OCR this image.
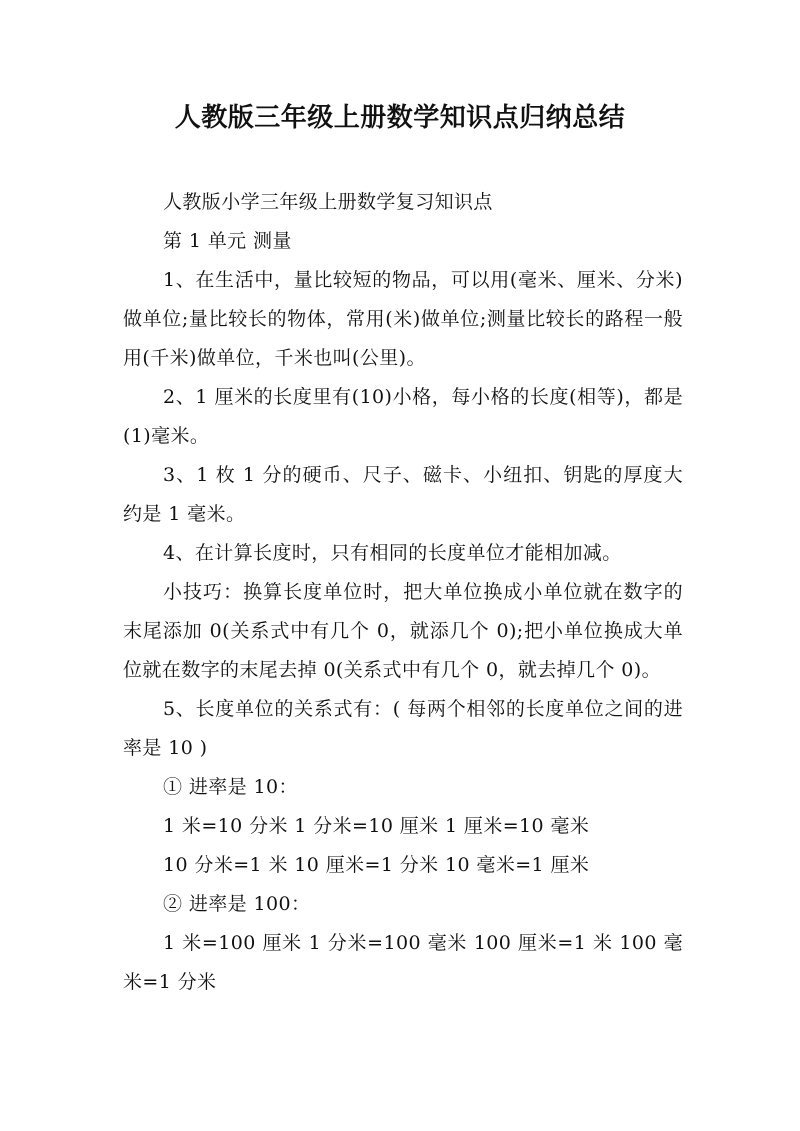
人教版三年级上册数学知识点归纳总结

人教版小学三年级上册数学复习知识点

第 1 单元 测量

1、在生活中，量比较短的物品，可以用(毫米、厘米、分米)做单位;量比较长的物体，常用(米)做单位;测量比较长的路程一般用(千米)做单位，千米也叫(公里)。

2、1 厘米的长度里有(10)小格，每小格的长度(相等)，都是(1)毫米。

3、1 枚 1 分的硬币、尺子、磁卡、小纽扣、钥匙的厚度大约是 1 毫米。

4、在计算长度时，只有相同的长度单位才能相加减。

小技巧：换算长度单位时，把大单位换成小单位就在数字的末尾添加 0(关系式中有几个 0，就添几个 0);把小单位换成大单位就在数字的末尾去掉 0(关系式中有几个 0，就去掉几个 0)。

5、长度单位的关系式有：( 每两个相邻的长度单位之间的进率是 10 )

① 进率是 10：

1 米=10 分米 1 分米=10 厘米 1 厘米=10 毫米

10 分米=1 米 10 厘米=1 分米 10 毫米=1 厘米

② 进率是 100：

1 米=100 厘米 1 分米=100 毫米 100 厘米=1 米 100 毫米=1 分米
